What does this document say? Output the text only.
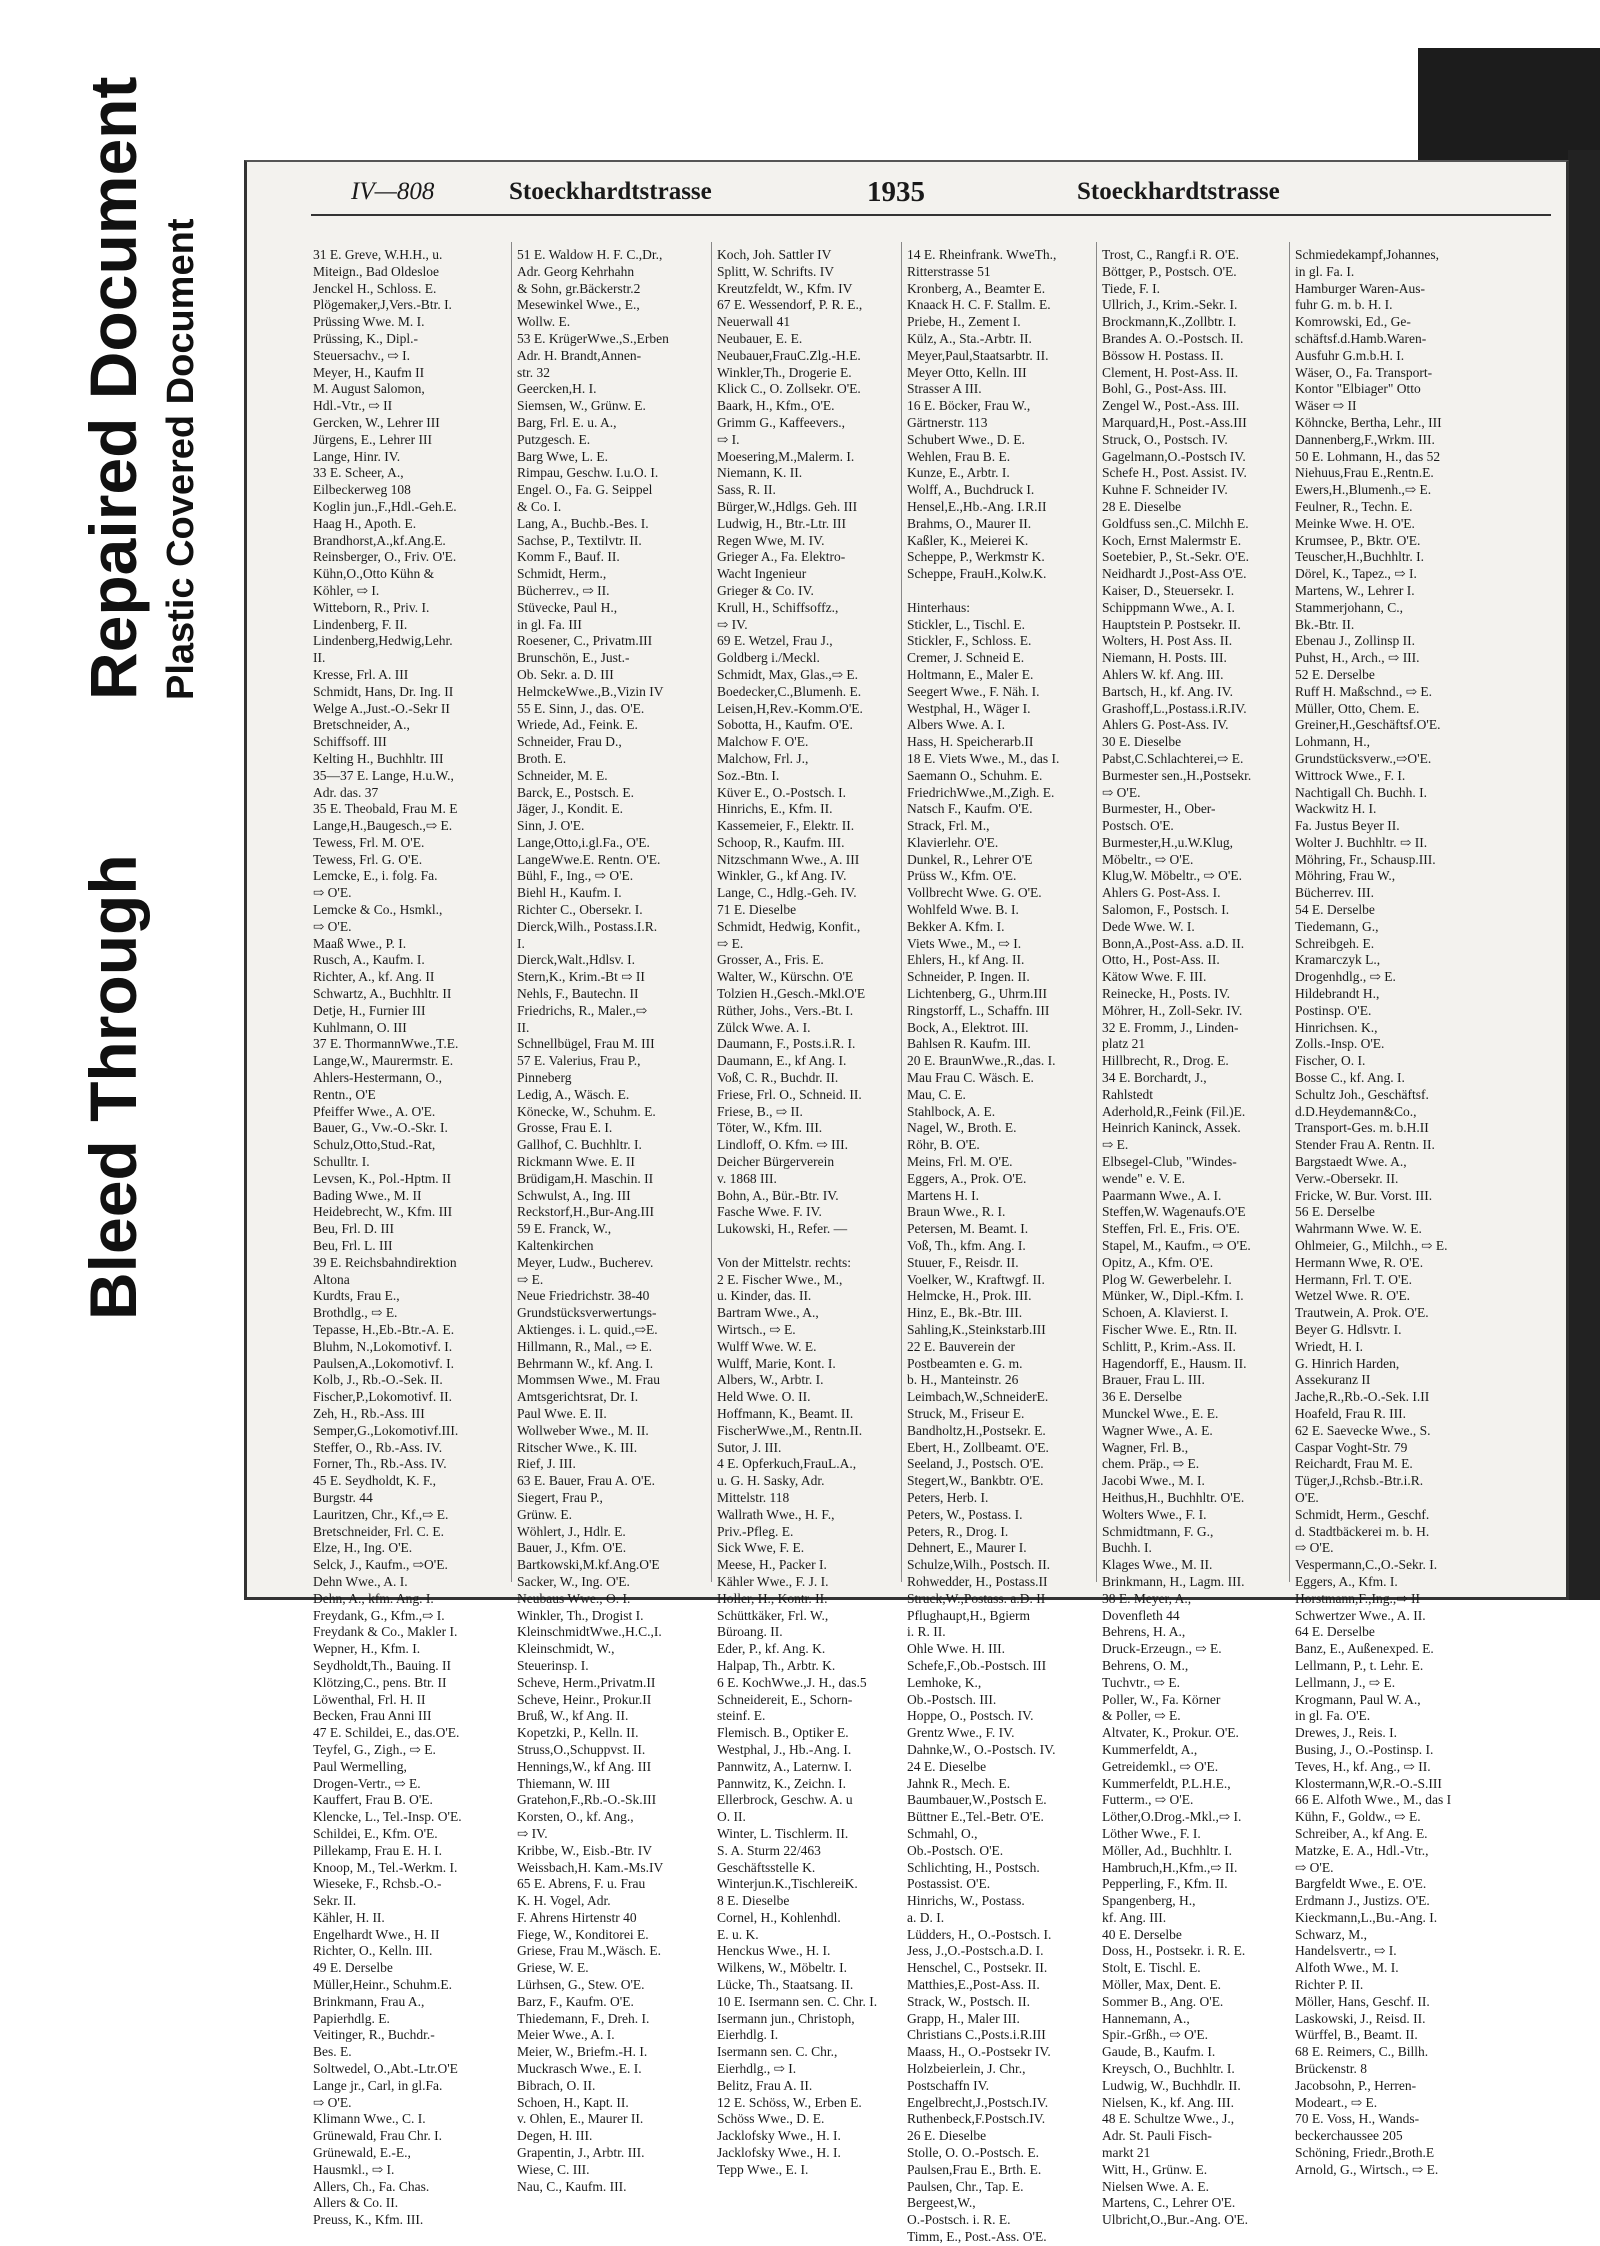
Bleed Through
Repaired Document Plastic Covered Document
IV—808	Stoeckhardtstrasse	1935	Stoeckhardtstrasse
31 E. Greve, W.H.H., u.
Miteign., Bad Oldesloe
Jenckel H., Schloss. E.
Plögemaker,J,Vers.-Btr. I.
Prüssing Wwe. M. I.
Prüssing, K., Dipl.-
Steuersachv., ⇨ I.
Meyer, H., Kaufm II
M. August Salomon,
Hdl.-Vtr., ⇨ II
Gercken, W., Lehrer III
Jürgens, E., Lehrer III
Lange, Hinr. IV.
33 E. Scheer, A.,
Eilbeckerweg 108
Koglin jun.,F.,Hdl.-Geh.E.
Haag H., Apoth. E.
Brandhorst,A.,kf.Ang.E.
Reinsberger, O., Friv. O'E.
Kühn,O.,Otto Kühn &
Köhler, ⇨ I.
Witteborn, R., Priv. I.
Lindenberg, F. II.
Lindenberg,Hedwig,Lehr.
II.
Kresse, Frl. A. III
Schmidt, Hans, Dr. Ing. II
Welge A.,Just.-O.-Sekr II
Bretschneider, A.,
Schiffsoff. III
Kelting H., Buchhltr. III
35—37 E. Lange, H.u.W.,
Adr. das. 37
35 E. Theobald, Frau M. E
Lange,H.,Baugesch.,⇨ E.
Tewess, Frl. M. O'E.
Tewess, Frl. G. O'E.
Lemcke, E., i. folg. Fa.
⇨ O'E.
Lemcke & Co., Hsmkl.,
⇨ O'E.
Maaß Wwe., P. I.
Rusch, A., Kaufm. I.
Richter, A., kf. Ang. II
Schwartz, A., Buchhltr. II
Detje, H., Furnier III
Kuhlmann, O. III
37 E. ThormannWwe.,T.E.
Lange,W., Maurermstr. E.
Ahlers-Hestermann, O.,
Rentn., O'E
Pfeiffer Wwe., A. O'E.
Bauer, G., Vw.-O.-Skr. I.
Schulz,Otto,Stud.-Rat,
Schulltr. I.
Levsen, K., Pol.-Hptm. II
Bading Wwe., M. II
Heidebrecht, W., Kfm. III
Beu, Frl. D. III
Beu, Frl. L. III
39 E. Reichsbahndirektion
Altona
Kurdts, Frau E.,
Brothdlg., ⇨ E.
Tepasse, H.,Eb.-Btr.-A. E.
Bluhm, N.,Lokomotivf. I.
Paulsen,A.,Lokomotivf. I.
Kolb, J., Rb.-O.-Sek. II.
Fischer,P.,Lokomotivf. II.
Zeh, H., Rb.-Ass. III
Semper,G.,Lokomotivf.III.
Steffer, O., Rb.-Ass. IV.
Forner, Th., Rb.-Ass. IV.
45 E. Seydholdt, K. F.,
Burgstr. 44
Lauritzen, Chr., Kf.,⇨ E.
Bretschneider, Frl. C. E.
Elze, H., Ing. O'E.
Selck, J., Kaufm., ⇨O'E.
Dehn Wwe., A. I.
Dehn, A., kfm. Ang. I.
Freydank, G., Kfm.,⇨ I.
Freydank & Co., Makler I.
Wepner, H., Kfm. I.
Seydholdt,Th., Bauing. II
Klötzing,C., pens. Btr. II
Löwenthal, Frl. H. II
Becken, Frau Anni III
47 E. Schildei, E., das.O'E.
Teyfel, G., Zigh., ⇨ E.
Paul Wermelling,
Drogen-Vertr., ⇨ E.
Kauffert, Frau B. O'E.
Klencke, L., Tel.-Insp. O'E.
Schildei, E., Kfm. O'E.
Pillekamp, Frau E. H. I.
Knoop, M., Tel.-Werkm. I.
Wieseke, F., Rchsb.-O.-
Sekr. II.
Kähler, H. II.
Engelhardt Wwe., H. II
Richter, O., Kelln. III.
49 E. Derselbe
Müller,Heinr., Schuhm.E.
Brinkmann, Frau A.,
Papierhdlg. E.
Veitinger, R., Buchdr.-
Bes. E.
Soltwedel, O.,Abt.-Ltr.O'E
Lange jr., Carl, in gl.Fa.
⇨ O'E.
Klimann Wwe., C. I.
Grünewald, Frau Chr. I.
Grünewald, E.-E.,
Hausmkl., ⇨ I.
Allers, Ch., Fa. Chas.
Allers & Co. II.
Preuss, K., Kfm. III.
51 E. Waldow H. F. C.,Dr.,
Adr. Georg Kehrhahn
& Sohn, gr.Bäckerstr.2
Mesewinkel Wwe., E.,
Wollw. E.
53 E. KrügerWwe.,S.,Erben
Adr. H. Brandt,Annen-
str. 32
Geercken,H. I.
Siemsen, W., Grünw. E.
Barg, Frl. E. u. A.,
Putzgesch. E.
Barg Wwe, L. E.
Rimpau, Geschw. I.u.O. I.
Engel. O., Fa. G. Seippel
& Co. I.
Lang, A., Buchb.-Bes. I.
Sachse, P., Textilvtr. II.
Komm F., Bauf. II.
Schmidt, Herm.,
Bücherrev., ⇨ II.
Stüvecke, Paul H.,
in gl. Fa. III
Roesener, C., Privatm.III
Brunschön, E., Just.-
Ob. Sekr. a. D. III
HelmckeWwe.,B.,Vizin IV
55 E. Sinn, J., das. O'E.
Wriede, Ad., Feink. E.
Schneider, Frau D.,
Broth. E.
Schneider, M. E.
Barck, E., Postsch. E.
Jäger, J., Kondit. E.
Sinn, J. O'E.
Lange,Otto,i.gl.Fa., O'E.
LangeWwe.E. Rentn. O'E.
Bühl, F., Ing., ⇨ O'E.
Biehl H., Kaufm. I.
Richter C., Obersekr. I.
Dierck,Wilh., Postass.I.R.
I.
Dierck,Walt.,Hdlsv. I.
Stern,K., Krim.-Bt ⇨ II
Nehls, F., Bautechn. II
Friedrichs, R., Maler.,⇨
II.
Schnellbügel, Frau M. III
57 E. Valerius, Frau P.,
Pinneberg
Ledig, A., Wäsch. E.
Könecke, W., Schuhm. E.
Grosse, Frau E. I.
Gallhof, C. Buchhltr. I.
Rickmann Wwe. E. II
Brüdigam,H. Maschin. II
Schwulst, A., Ing. III
Reckstorf,H.,Bur-Ang.III
59 E. Franck, W.,
Kaltenkirchen
Meyer, Ludw., Bucherev.
⇨ E.
Neue Friedrichstr. 38-40
Grundstücksverwertungs-
Aktienges. i. L. quid.,⇨E.
Hillmann, R., Mal., ⇨ E.
Behrmann W., kf. Ang. I.
Mommsen Wwe., M. Frau
Amtsgerichtsrat, Dr. I.
Paul Wwe. E. II.
Wollweber Wwe., M. II.
Ritscher Wwe., K. III.
Rief, J. III.
63 E. Bauer, Frau A. O'E.
Siegert, Frau P.,
Grünw. E.
Wöhlert, J., Hdlr. E.
Bauer, J., Kfm. O'E.
Bartkowski,M.kf.Ang.O'E
Sacker, W., Ing. O'E.
Neubaus Wwe., O. I.
Winkler, Th., Drogist I.
KleinschmidtWwe.,H.C.,I.
Kleinschmidt, W.,
Steuerinsp. I.
Scheve, Herm.,Privatm.II
Scheve, Heinr., Prokur.II
Bruß, W., kf Ang. II.
Kopetzki, P., Kelln. II.
Struss,O.,Schuppvst. II.
Hennings,W., kf Ang. III
Thiemann, W. III
Gratehon,F.,Rb.-O.-Sk.III
Korsten, O., kf. Ang.,
⇨ IV.
Kribbe, W., Eisb.-Btr. IV
Weissbach,H. Kam.-Ms.IV
65 E. Abrens, F. u. Frau
K. H. Vogel, Adr.
F. Ahrens Hirtenstr 40
Fiege, W., Konditorei E.
Griese, Frau M.,Wäsch. E.
Griese, W. E.
Lürhsen, G., Stew. O'E.
Barz, F., Kaufm. O'E.
Thiedemann, F., Dreh. I.
Meier Wwe., A. I.
Meier, W., Briefm.-H. I.
Muckrasch Wwe., E. I.
Bibrach, O. II.
Schoen, H., Kapt. II.
v. Ohlen, E., Maurer II.
Degen, H. III.
Grapentin, J., Arbtr. III.
Wiese, C. III.
Nau, C., Kaufm. III.
Koch, Joh. Sattler IV
Splitt, W. Schrifts. IV
Kreutzfeldt, W., Kfm. IV
67 E. Wessendorf, P. R. E.,
Neuerwall 41
Neubauer, E. E.
Neubauer,FrauC.Zlg.-H.E.
Winkler,Th., Drogerie E.
Klick C., O. Zollsekr. O'E.
Baark, H., Kfm., O'E.
Grimm G., Kaffeevers.,
⇨ I.
Moesering,M.,Malerm. I.
Niemann, K. II.
Sass, R. II.
Bürger,W.,Hdlgs. Geh. III
Ludwig, H., Btr.-Ltr. III
Regen Wwe, M. IV.
Grieger A., Fa. Elektro-
Wacht Ingenieur
Grieger & Co. IV.
Krull, H., Schiffsoffz.,
⇨ IV.
69 E. Wetzel, Frau J.,
Goldberg i./Meckl.
Schmidt, Max, Glas.,⇨ E.
Boedecker,C.,Blumenh. E.
Leisen,H,Rev.-Komm.O'E.
Sobotta, H., Kaufm. O'E.
Malchow F. O'E.
Malchow, Frl. J.,
Soz.-Btn. I.
Küver E., O.-Postsch. I.
Hinrichs, E., Kfm. II.
Kassemeier, F., Elektr. II.
Schoop, R., Kaufm. III.
Nitzschmann Wwe., A. III
Winkler, G., kf Ang. IV.
Lange, C., Hdlg.-Geh. IV.
71 E. Dieselbe
Schmidt, Hedwig, Konfit.,
⇨ E.
Grosser, A., Fris. E.
Walter, W., Kürschn. O'E
Tolzien H.,Gesch.-Mkl.O'E
Rüther, Johs., Vers.-Bt. I.
Zülck Wwe. A. I.
Daumann, F., Posts.i.R. I.
Daumann, E., kf Ang. I.
Voß, C. R., Buchdr. II.
Friese, Frl. O., Schneid. II.
Friese, B., ⇨ II.
Töter, W., Kfm. III.
Lindloff, O. Kfm. ⇨ III.
Deicher Bürgerverein
v. 1868 III.
Bohn, A., Bür.-Btr. IV.
Fasche Wwe. F. IV.
Lukowski, H., Refer. —
Von der Mittelstr. rechts:
2 E. Fischer Wwe., M.,
u. Kinder, das. II.
Bartram Wwe., A.,
Wirtsch., ⇨ E.
Wulff Wwe. W. E.
Wulff, Marie, Kont. I.
Albers, W., Arbtr. I.
Held Wwe. O. II.
Hoffmann, K., Beamt. II.
FischerWwe.,M., Rentn.II.
Sutor, J. III.
4 E. Opferkuch,FrauL.A.,
u. G. H. Sasky, Adr.
Mittelstr. 118
Wallrath Wwe., H. F.,
Priv.-Pfleg. E.
Sick Wwe, F. E.
Meese, H., Packer I.
Kähler Wwe., F. J. I.
Holler, H., Kontr. II.
Schüttkäker, Frl. W.,
Büroang. II.
Eder, P., kf. Ang. K.
Halpap, Th., Arbtr. K.
6 E. KochWwe.,J. H., das.5
Schneidereit, E., Schorn-
steinf. E.
Flemisch. B., Optiker E.
Westphal, J., Hb.-Ang. I.
Pannwitz, A., Laternw. I.
Pannwitz, K., Zeichn. I.
Ellerbrock, Geschw. A. u
O. II.
Winter, L. Tischlerm. II.
S. A. Sturm 22/463
Geschäftsstelle K.
Winterjun.K.,TischlereiK.
8 E. Dieselbe
Cornel, H., Kohlenhdl.
E. u. K.
Henckus Wwe., H. I.
Wilkens, W., Möbeltr. I.
Lücke, Th., Staatsang. II.
10 E. Isermann sen. C. Chr. I.
Isermann jun., Christoph,
Eierhdlg. I.
Isermann sen. C. Chr.,
Eierhdlg., ⇨ I.
Belitz, Frau A. II.
12 E. Schöss, W., Erben E.
Schöss Wwe., D. E.
Jacklofsky Wwe., H. I.
Jacklofsky Wwe., H. I.
Tepp Wwe., E. I.
14 E. Rheinfrank. WweTh.,
Ritterstrasse 51
Kronberg, A., Beamter E.
Knaack H. C. F. Stallm. E.
Priebe, H., Zement I.
Külz, A., Sta.-Arbtr. II.
Meyer,Paul,Staatsarbtr. II.
Meyer Otto, Kelln. III
Strasser A III.
16 E. Böcker, Frau W.,
Gärtnerstr. 113
Schubert Wwe., D. E.
Wehlen, Frau B. E.
Kunze, E., Arbtr. I.
Wolff, A., Buchdruck I.
Hensel,E.,Hb.-Ang. I.R.II
Brahms, O., Maurer II.
Kaßler, K., Meierei K.
Scheppe, P., Werkmstr K.
Scheppe, FrauH.,Kolw.K.
Hinterhaus:
Stickler, L., Tischl. E.
Stickler, F., Schloss. E.
Cremer, J. Schneid E.
Holtmann, E., Maler E.
Seegert Wwe., F. Näh. I.
Westphal, H., Wäger I.
Albers Wwe. A. I.
Hass, H. Speicherarb.II
18 E. Viets Wwe., M., das I.
Saemann O., Schuhm. E.
FriedrichWwe.,M.,Zigh. E.
Natsch F., Kaufm. O'E.
Strack, Frl. M.,
Klavierlehr. O'E.
Dunkel, R., Lehrer O'E
Prüss W., Kfm. O'E.
Vollbrecht Wwe. G. O'E.
Wohlfeld Wwe. B. I.
Bekker A. Kfm. I.
Viets Wwe., M., ⇨ I.
Ehlers, H., kf Ang. II.
Schneider, P. Ingen. II.
Lichtenberg, G., Uhrm.III
Ringstorff, L., Schaffn. III
Bock, A., Elektrot. III.
Bahlsen R. Kaufm. III.
20 E. BraunWwe.,R.,das. I.
Mau Frau C. Wäsch. E.
Mau, C. E.
Stahlbock, A. E.
Nagel, W., Broth. E.
Röhr, B. O'E.
Meins, Frl. M. O'E.
Eggers, A., Prok. O'E.
Martens H. I.
Braun Wwe., R. I.
Petersen, M. Beamt. I.
Voß, Th., kfm. Ang. I.
Stuuer, F., Reisdr. II.
Voelker, W., Kraftwgf. II.
Helmcke, H., Prok. III.
Hinz, E., Bk.-Btr. III.
Sahling,K.,Steinkstarb.III
22 E. Bauverein der
Postbeamten e. G. m.
b. H., Manteinstr. 26
Leimbach,W.,SchneiderE.
Struck, M., Friseur E.
Bandholtz,H.,Postsekr. E.
Ebert, H., Zollbeamt. O'E.
Seeland, J., Postsch. O'E.
Stegert,W., Bankbtr. O'E.
Peters, Herb. I.
Peters, W., Postass. I.
Peters, R., Drog. I.
Dehnert, E., Maurer I.
Schulze,Wilh., Postsch. II.
Rohwedder, H., Postass.II
Struck,W.,Postass. a.D. II
Pflughaupt,H., Bgierm
i. R. II.
Ohle Wwe. H. III.
Schefe,F.,Ob.-Postsch. III
Lemhoke, K.,
Ob.-Postsch. III.
Hoppe, O., Postsch. IV.
Grentz Wwe., F. IV.
Dahnke,W., O.-Postsch. IV.
24 E. Dieselbe
Jahnk R., Mech. E.
Baumbauer,W.,Postsch E.
Büttner E.,Tel.-Betr. O'E.
Schmahl, O.,
Ob.-Postsch. O'E.
Schlichting, H., Postsch.
Postassist. O'E.
Hinrichs, W., Postass.
a. D. I.
Lüdders, H., O.-Postsch. I.
Jess, J.,O.-Postsch.a.D. I.
Henschel, C., Postsekr. II.
Matthies,E.,Post-Ass. II.
Strack, W., Postsch. II.
Grapp, H., Maler III.
Christians C.,Posts.i.R.III
Maass, H., O.-Postsekr IV.
Holzbeierlein, J. Chr.,
Postschaffn IV.
Engelbrecht,J.,Postsch.IV.
Ruthenbeck,F.Postsch.IV.
26 E. Dieselbe
Stolle, O. O.-Postsch. E.
Paulsen,Frau E., Brth. E.
Paulsen, Chr., Tap. E.
Bergeest,W.,
O.-Postsch. i. R. E.
Timm, E., Post.-Ass. O'E.
Trost, C., Rangf.i R. O'E.
Böttger, P., Postsch. O'E.
Tiede, F. I.
Ullrich, J., Krim.-Sekr. I.
Brockmann,K.,Zollbtr. I.
Brandes A. O.-Postsch. II.
Bössow H. Postass. II.
Clement, H. Post-Ass. II.
Bohl, G., Post-Ass. III.
Zengel W., Post.-Ass. III.
Marquard,H., Post.-Ass.III
Struck, O., Postsch. IV.
Gagelmann,O.-Postsch IV.
Schefe H., Post. Assist. IV.
Kuhne F. Schneider IV.
28 E. Dieselbe
Goldfuss sen.,C. Milchh E.
Koch, Ernst Malermstr E.
Soetebier, P., St.-Sekr. O'E.
Neidhardt J.,Post-Ass O'E.
Kaiser, D., Steuersekr. I.
Schippmann Wwe., A. I.
Hauptstein P. Postsekr. II.
Wolters, H. Post Ass. II.
Niemann, H. Posts. III.
Ahlers W. kf. Ang. III.
Bartsch, H., kf. Ang. IV.
Grashoff,L.,Postass.i.R.IV.
Ahlers G. Post-Ass. IV.
30 E. Dieselbe
Pabst,C.Schlachterei,⇨ E.
Burmester sen.,H.,Postsekr.
⇨ O'E.
Burmester, H., Ober-
Postsch. O'E.
Burmester,H.,u.W.Klug,
Möbeltr., ⇨ O'E.
Klug,W. Möbeltr., ⇨ O'E.
Ahlers G. Post-Ass. I.
Salomon, F., Postsch. I.
Dede Wwe. W. I.
Bonn,A.,Post-Ass. a.D. II.
Otto, H., Post-Ass. II.
Kätow Wwe. F. III.
Reinecke, H., Posts. IV.
Möhrer, H., Zoll-Sekr. IV.
32 E. Fromm, J., Linden-
platz 21
Hillbrecht, R., Drog. E.
34 E. Borchardt, J.,
Rahlstedt
Aderhold,R.,Feink (Fil.)E.
Heinrich Kaninck, Assek.
⇨ E.
Elbsegel-Club, "Windes-
wende" e. V. E.
Paarmann Wwe., A. I.
Steffen,W. Wagenaufs.O'E
Steffen, Frl. E., Fris. O'E.
Stapel, M., Kaufm., ⇨ O'E.
Opitz, A., Kfm. O'E.
Plog W. Gewerbelehr. I.
Münker, W., Dipl.-Kfm. I.
Schoen, A. Klavierst. I.
Fischer Wwe. E., Rtn. II.
Schlitt, P., Krim.-Ass. II.
Hagendorff, E., Hausm. II.
Brauer, Frau L. III.
36 E. Derselbe
Munckel Wwe., E. E.
Wagner Wwe., A. E.
Wagner, Frl. B.,
chem. Präp., ⇨ E.
Jacobi Wwe., M. I.
Heithus,H., Buchhltr. O'E.
Wolters Wwe., F. I.
Schmidtmann, F. G.,
Buchh. I.
Klages Wwe., M. II.
Brinkmann, H., Lagm. III.
38 E. Meyer, A.,
Dovenfleth 44
Behrens, H. A.,
Druck-Erzeugn., ⇨ E.
Behrens, O. M.,
Tuchvtr., ⇨ E.
Poller, W., Fa. Körner
& Poller, ⇨ E.
Altvater, K., Prokur. O'E.
Kummerfeldt, A.,
Getreidemkl., ⇨ O'E.
Kummerfeldt, P.L.H.E.,
Futterm., ⇨ O'E.
Löther,O.Drog.-Mkl.,⇨ I.
Löther Wwe., F. I.
Möller, Ad., Buchhltr. I.
Hambruch,H.,Kfm.,⇨ II.
Pepperling, F., Kfm. II.
Spangenberg, H.,
kf. Ang. III.
40 E. Derselbe
Doss, H., Postsekr. i. R. E.
Stolt, E. Tischl. E.
Möller, Max, Dent. E.
Sommer B., Ang. O'E.
Hannemann, A.,
Spir.-Grßh., ⇨ O'E.
Gaude, B., Kaufm. I.
Kreysch, O., Buchhltr. I.
Ludwig, W., Buchhdlr. II.
Nielsen, K., kf. Ang. III.
48 E. Schultze Wwe., J.,
Adr. St. Pauli Fisch-
markt 21
Witt, H., Grünw. E.
Nielsen Wwe. A. E.
Martens, C., Lehrer O'E.
Ulbricht,O.,Bur.-Ang. O'E.
Schmiedekampf,Johannes,
in gl. Fa. I.
Hamburger Waren-Aus-
fuhr G. m. b. H. I.
Komrowski, Ed., Ge-
schäftsf.d.Hamb.Waren-
Ausfuhr G.m.b.H. I.
Wäser, O., Fa. Transport-
Kontor "Elbiager" Otto
Wäser ⇨ II
Köhncke, Bertha, Lehr., III
Dannenberg,F.,Wrkm. III.
50 E. Lohmann, H., das 52
Niehuus,Frau E.,Rentn.E.
Ewers,H.,Blumenh.,⇨ E.
Feulner, R., Techn. E.
Meinke Wwe. H. O'E.
Krumsee, P., Bktr. O'E.
Teuscher,H.,Buchhltr. I.
Dörel, K., Tapez., ⇨ I.
Martens, W., Lehrer I.
Stammerjohann, C.,
Bk.-Btr. II.
Ebenau J., Zollinsp II.
Puhst, H., Arch., ⇨ III.
52 E. Derselbe
Ruff H. Maßschnd., ⇨ E.
Müller, Otto, Chem. E.
Greiner,H.,Geschäftsf.O'E.
Lohmann, H.,
Grundstücksverw.,⇨O'E.
Wittrock Wwe., F. I.
Nachtigall Ch. Buchh. I.
Wackwitz H. I.
Fa. Justus Beyer II.
Wolter J. Buchhltr. ⇨ II.
Möhring, Fr., Schausp.III.
Möhring, Frau W.,
Bücherrev. III.
54 E. Derselbe
Tiedemann, G.,
Schreibgeh. E.
Kramarczyk L.,
Drogenhdlg., ⇨ E.
Hildebrandt H.,
Postinsp. O'E.
Hinrichsen. K.,
Zolls.-Insp. O'E.
Fischer, O. I.
Bosse C., kf. Ang. I.
Schultz Joh., Geschäftsf.
d.D.Heydemann&Co.,
Transport-Ges. m. b.H.II
Stender Frau A. Rentn. II.
Bargstaedt Wwe. A.,
Verw.-Obersekr. II.
Fricke, W. Bur. Vorst. III.
56 E. Derselbe
Wahrmann Wwe. W. E.
Ohlmeier, G., Milchh., ⇨ E.
Hermann Wwe, R. O'E.
Hermann, Frl. T. O'E.
Wetzel Wwe. R. O'E.
Trautwein, A. Prok. O'E.
Beyer G. Hdlsvtr. I.
Wriedt, H. I.
G. Hinrich Harden,
Assekuranz II
Jache,R.,Rb.-O.-Sek. I.II
Hoafeld, Frau R. III.
62 E. Saevecke Wwe., S.
Caspar Voght-Str. 79
Reichardt, Frau M. E.
Tüger,J.,Rchsb.-Btr.i.R.
O'E.
Schmidt, Herm., Geschf.
d. Stadtbäckerei m. b. H.
⇨ O'E.
Vespermann,C.,O.-Sekr. I.
Eggers, A., Kfm. I.
Horstmann,F.,Ing.,⇨ II
Schwertzer Wwe., A. II.
64 E. Derselbe
Banz, E., Außenexped. E.
Lellmann, P., t. Lehr. E.
Lellmann, J., ⇨ E.
Krogmann, Paul W. A.,
in gl. Fa. O'E.
Drewes, J., Reis. I.
Busing, J., O.-Postinsp. I.
Teves, H., kf. Ang., ⇨ II.
Klostermann,W,R.-O.-S.III
66 E. Alfoth Wwe., M., das I
Kühn, F., Goldw., ⇨ E.
Schreiber, A., kf Ang. E.
Matzke, E. A., Hdl.-Vtr.,
⇨ O'E.
Bargfeldt Wwe., E. O'E.
Erdmann J., Justizs. O'E.
Kieckmann,L.,Bu.-Ang. I.
Schwarz, M.,
Handelsvertr., ⇨ I.
Alfoth Wwe., M. I.
Richter P. II.
Möller, Hans, Geschf. II.
Laskowski, J., Reisd. II.
Würffel, B., Beamt. II.
68 E. Reimers, C., Billh.
Brückenstr. 8
Jacobsohn, P., Herren-
Modeart., ⇨ E.
70 E. Voss, H., Wands-
beckerchaussee 205
Schöning, Friedr.,Broth.E
Arnold, G., Wirtsch., ⇨ E.
